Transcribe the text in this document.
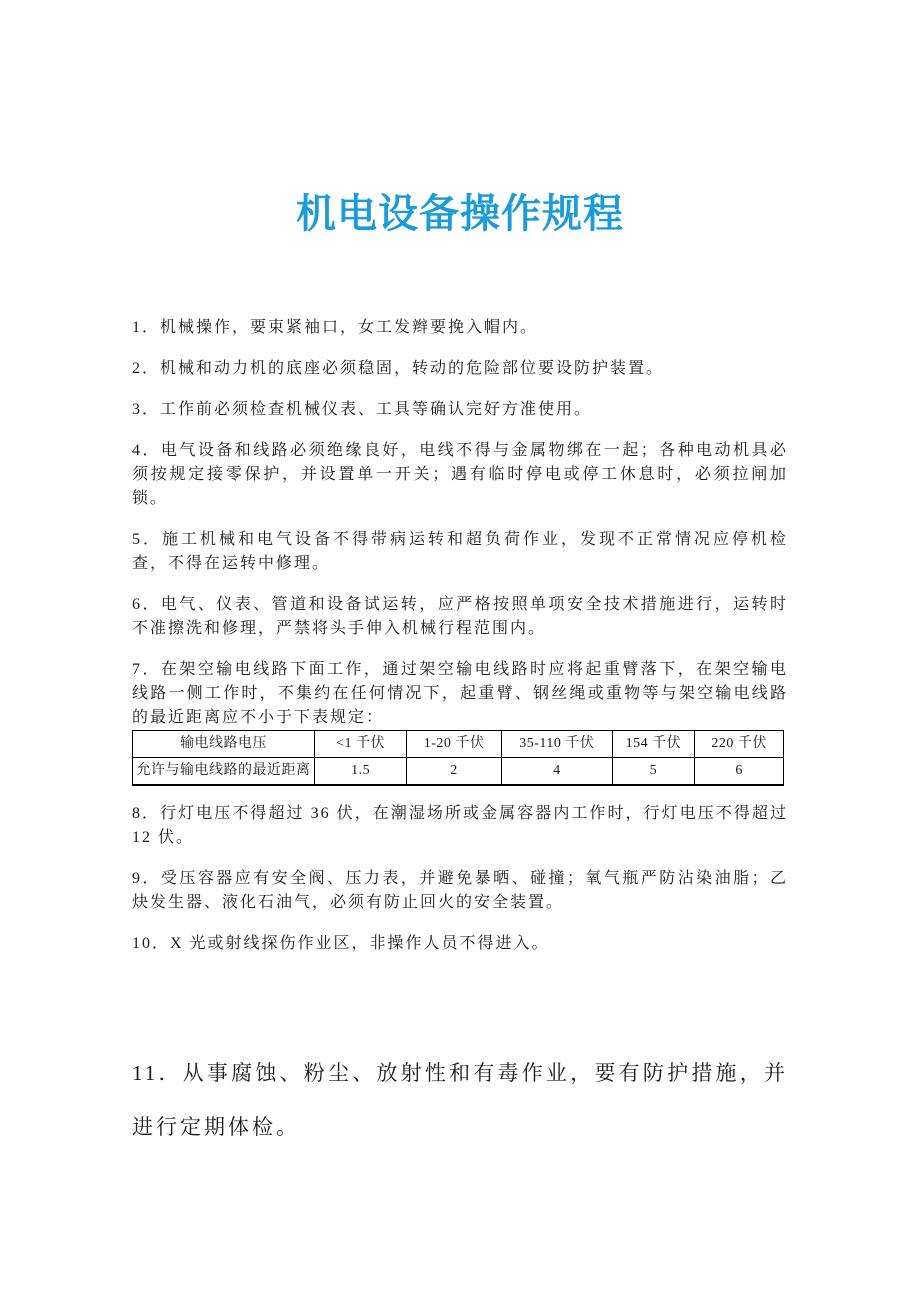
机电设备操作规程

1．机械操作，要束紧袖口，女工发辫要挽入帽内。

2．机械和动力机的底座必须稳固，转动的危险部位要设防护装置。

3．工作前必须检查机械仪表、工具等确认完好方准使用。

4．电气设备和线路必须绝缘良好，电线不得与金属物绑在一起；各种电动机具必须按规定接零保护，并设置单一开关；遇有临时停电或停工休息时，必须拉闸加锁。

5．施工机械和电气设备不得带病运转和超负荷作业，发现不正常情况应停机检查，不得在运转中修理。

6．电气、仪表、管道和设备试运转，应严格按照单项安全技术措施进行，运转时不准擦洗和修理，严禁将头手伸入机械行程范围内。

7．在架空输电线路下面工作，通过架空输电线路时应将起重臂落下，在架空输电线路一侧工作时，不集约在任何情况下，起重臂、钢丝绳或重物等与架空输电线路的最近距离应不小于下表规定：

输电线路电压	<1 千伏	1-20 千伏	35-110 千伏	154 千伏	220 千伏
允许与输电线路的最近距离	1.5	2	4	5	6

8．行灯电压不得超过 36 伏，在潮湿场所或金属容器内工作时，行灯电压不得超过 12 伏。

9．受压容器应有安全阀、压力表，并避免暴晒、碰撞；氧气瓶严防沾染油脂；乙炔发生器、液化石油气，必须有防止回火的安全装置。

10．X 光或射线探伤作业区，非操作人员不得进入。

11．从事腐蚀、粉尘、放射性和有毒作业，要有防护措施，并进行定期体检。
